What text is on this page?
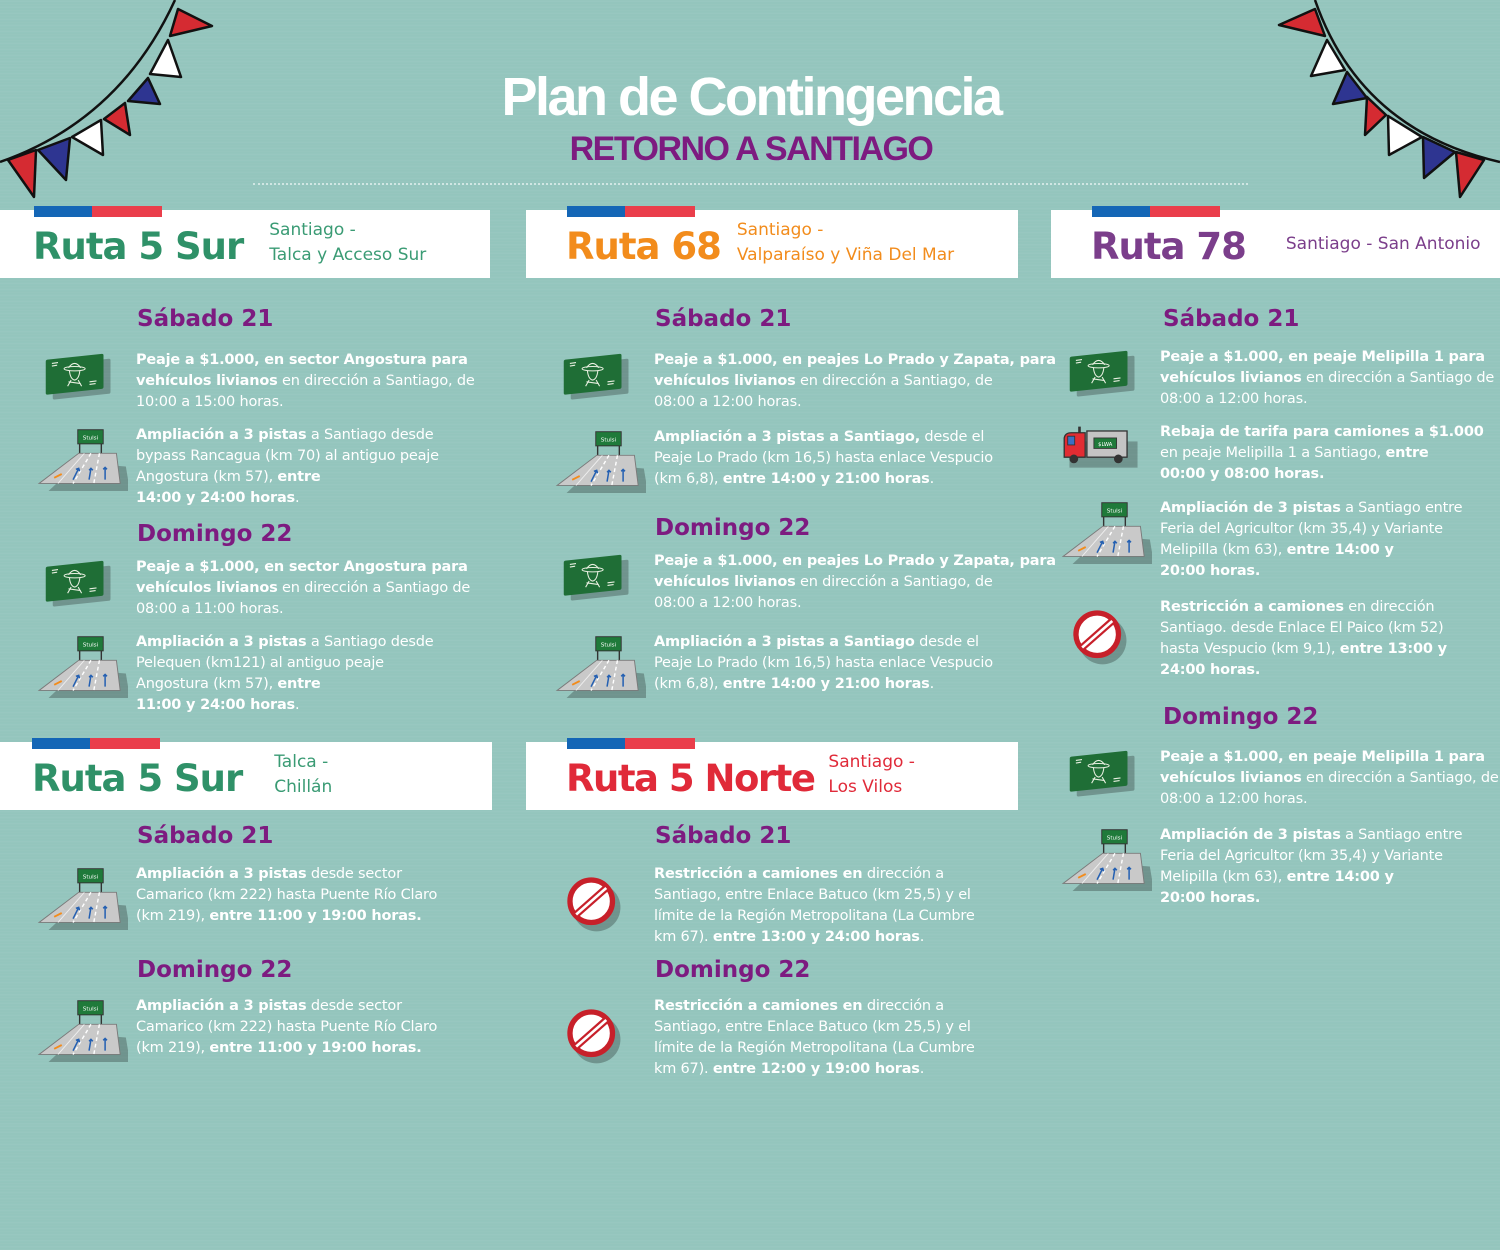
Plan de Contingencia
RETORNO A SANTIAGO
Ruta 5 Sur Santiago -
Talca y Acceso Sur	Ruta 68 Santiago -
Valparaíso y Viña Del Mar	Ruta 78 Santiago - San Antonio
Ruta 5 Sur Talca -
Chillán	Ruta 5 Norte Santiago -
Los Vilos
Sábado 21
Peaje a $1.000, en sector Angostura para
vehículos livianos en dirección a Santiago, de
10:00 a 15:00 horas.
Ampliación a 3 pistas a Santiago desde
bypass Rancagua (km 70) al antiguo peaje
Angostura (km 57), entre
14:00 y 24:00 horas.
Domingo 22
Peaje a $1.000, en sector Angostura para
vehículos livianos en dirección a Santiago de
08:00 a 11:00 horas.
Ampliación a 3 pistas a Santiago desde
Pelequen (km121) al antiguo peaje
Angostura (km 57), entre
11:00 y 24:00 horas.
Sábado 21
Ampliación a 3 pistas desde sector
Camarico (km 222) hasta Puente Río Claro
(km 219), entre 11:00 y 19:00 horas.
Domingo 22
Ampliación a 3 pistas desde sector
Camarico (km 222) hasta Puente Río Claro
(km 219), entre 11:00 y 19:00 horas.
Sábado 21
Peaje a $1.000, en peajes Lo Prado y Zapata, para
vehículos livianos en dirección a Santiago, de
08:00 a 12:00 horas.
Ampliación a 3 pistas a Santiago, desde el
Peaje Lo Prado (km 16,5) hasta enlace Vespucio
(km 6,8), entre 14:00 y 21:00 horas.
Domingo 22
Peaje a $1.000, en peajes Lo Prado y Zapata, para
vehículos livianos en dirección a Santiago, de
08:00 a 12:00 horas.
Ampliación a 3 pistas a Santiago desde el
Peaje Lo Prado (km 16,5) hasta enlace Vespucio
(km 6,8), entre 14:00 y 21:00 horas.
Sábado 21
Restricción a camiones en dirección a
Santiago, entre Enlace Batuco (km 25,5) y el
límite de la Región Metropolitana (La Cumbre
km 67). entre 13:00 y 24:00 horas.
Domingo 22
Restricción a camiones en dirección a
Santiago, entre Enlace Batuco (km 25,5) y el
límite de la Región Metropolitana (La Cumbre
km 67). entre 12:00 y 19:00 horas.
Sábado 21
Peaje a $1.000, en peaje Melipilla 1 para
vehículos livianos en dirección a Santiago de
08:00 a 12:00 horas.
Rebaja de tarifa para camiones a $1.000
en peaje Melipilla 1 a Santiago, entre
00:00 y 08:00 horas.
Ampliación de 3 pistas a Santiago entre
Feria del Agricultor (km 35,4) y Variante
Melipilla (km 63), entre 14:00 y
20:00 horas.
Restricción a camiones en dirección
Santiago. desde Enlace El Paico (km 52)
hasta Vespucio (km 9,1), entre 13:00 y
24:00 horas.
Domingo 22
Peaje a $1.000, en peaje Melipilla 1 para
vehículos livianos en dirección a Santiago, de
08:00 a 12:00 horas.
Ampliación de 3 pistas a Santiago entre
Feria del Agricultor (km 35,4) y Variante
Melipilla (km 63), entre 14:00 y
20:00 horas.
